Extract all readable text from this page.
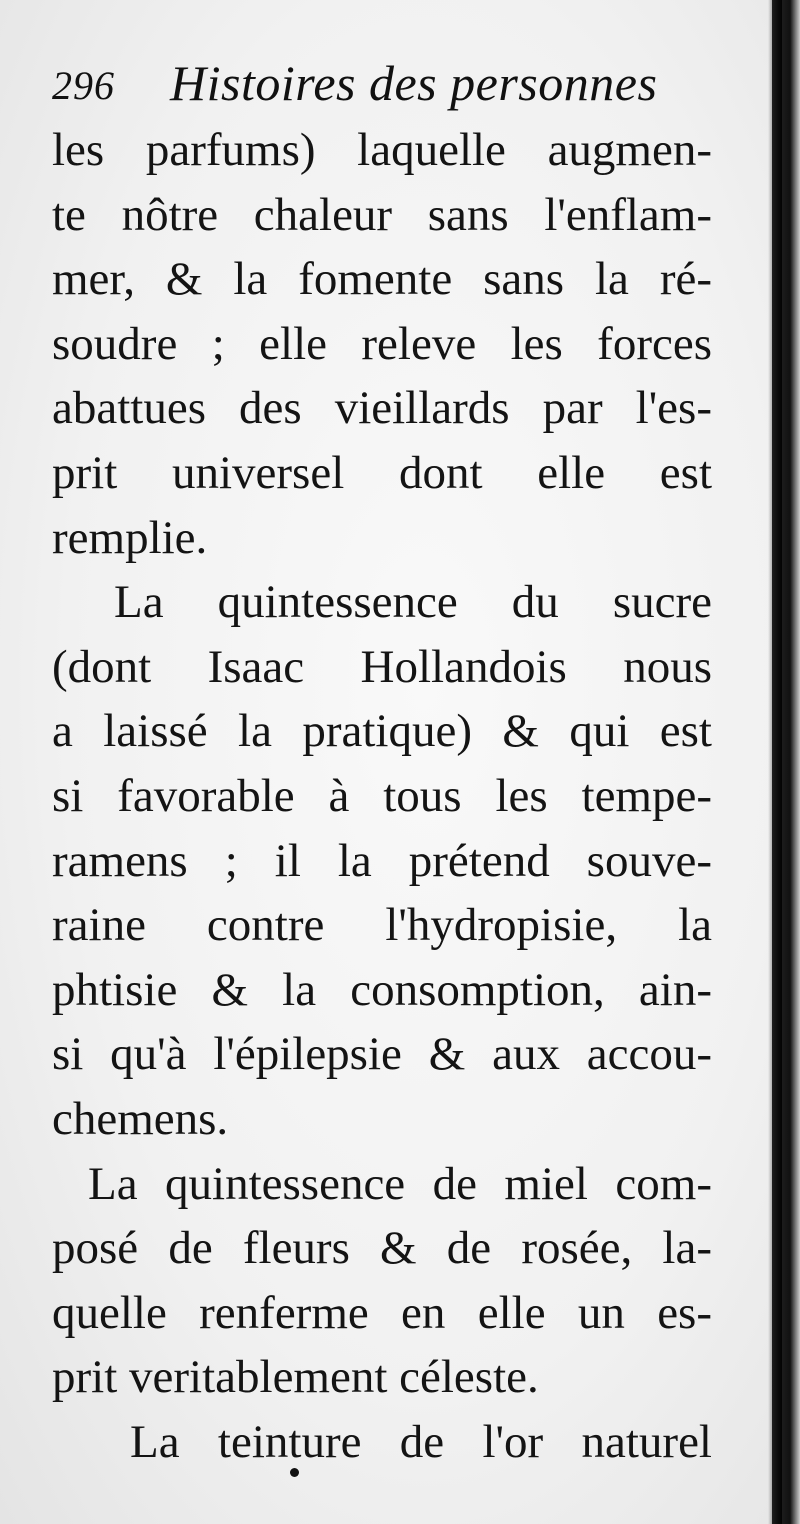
296 Histoires des personnes
les parfums) laquelle augmen-
te nôtre chaleur sans l'enflam-
mer, & la fomente sans la ré-
soudre ; elle releve les forces
abattues des vieillards par l'es-
prit universel dont elle est
remplie.
La quintessence du sucre
(dont Isaac Hollandois nous
a laissé la pratique) & qui est
si favorable à tous les tempe-
ramens ; il la prétend souve-
raine contre l'hydropisie, la
phtisie & la consomption, ain-
si qu'à l'épilepsie & aux accou-
chemens.
La quintessence de miel com-
posé de fleurs & de rosée, la-
quelle renferme en elle un es-
prit veritablement céleste.
La teinture de l'or naturel
